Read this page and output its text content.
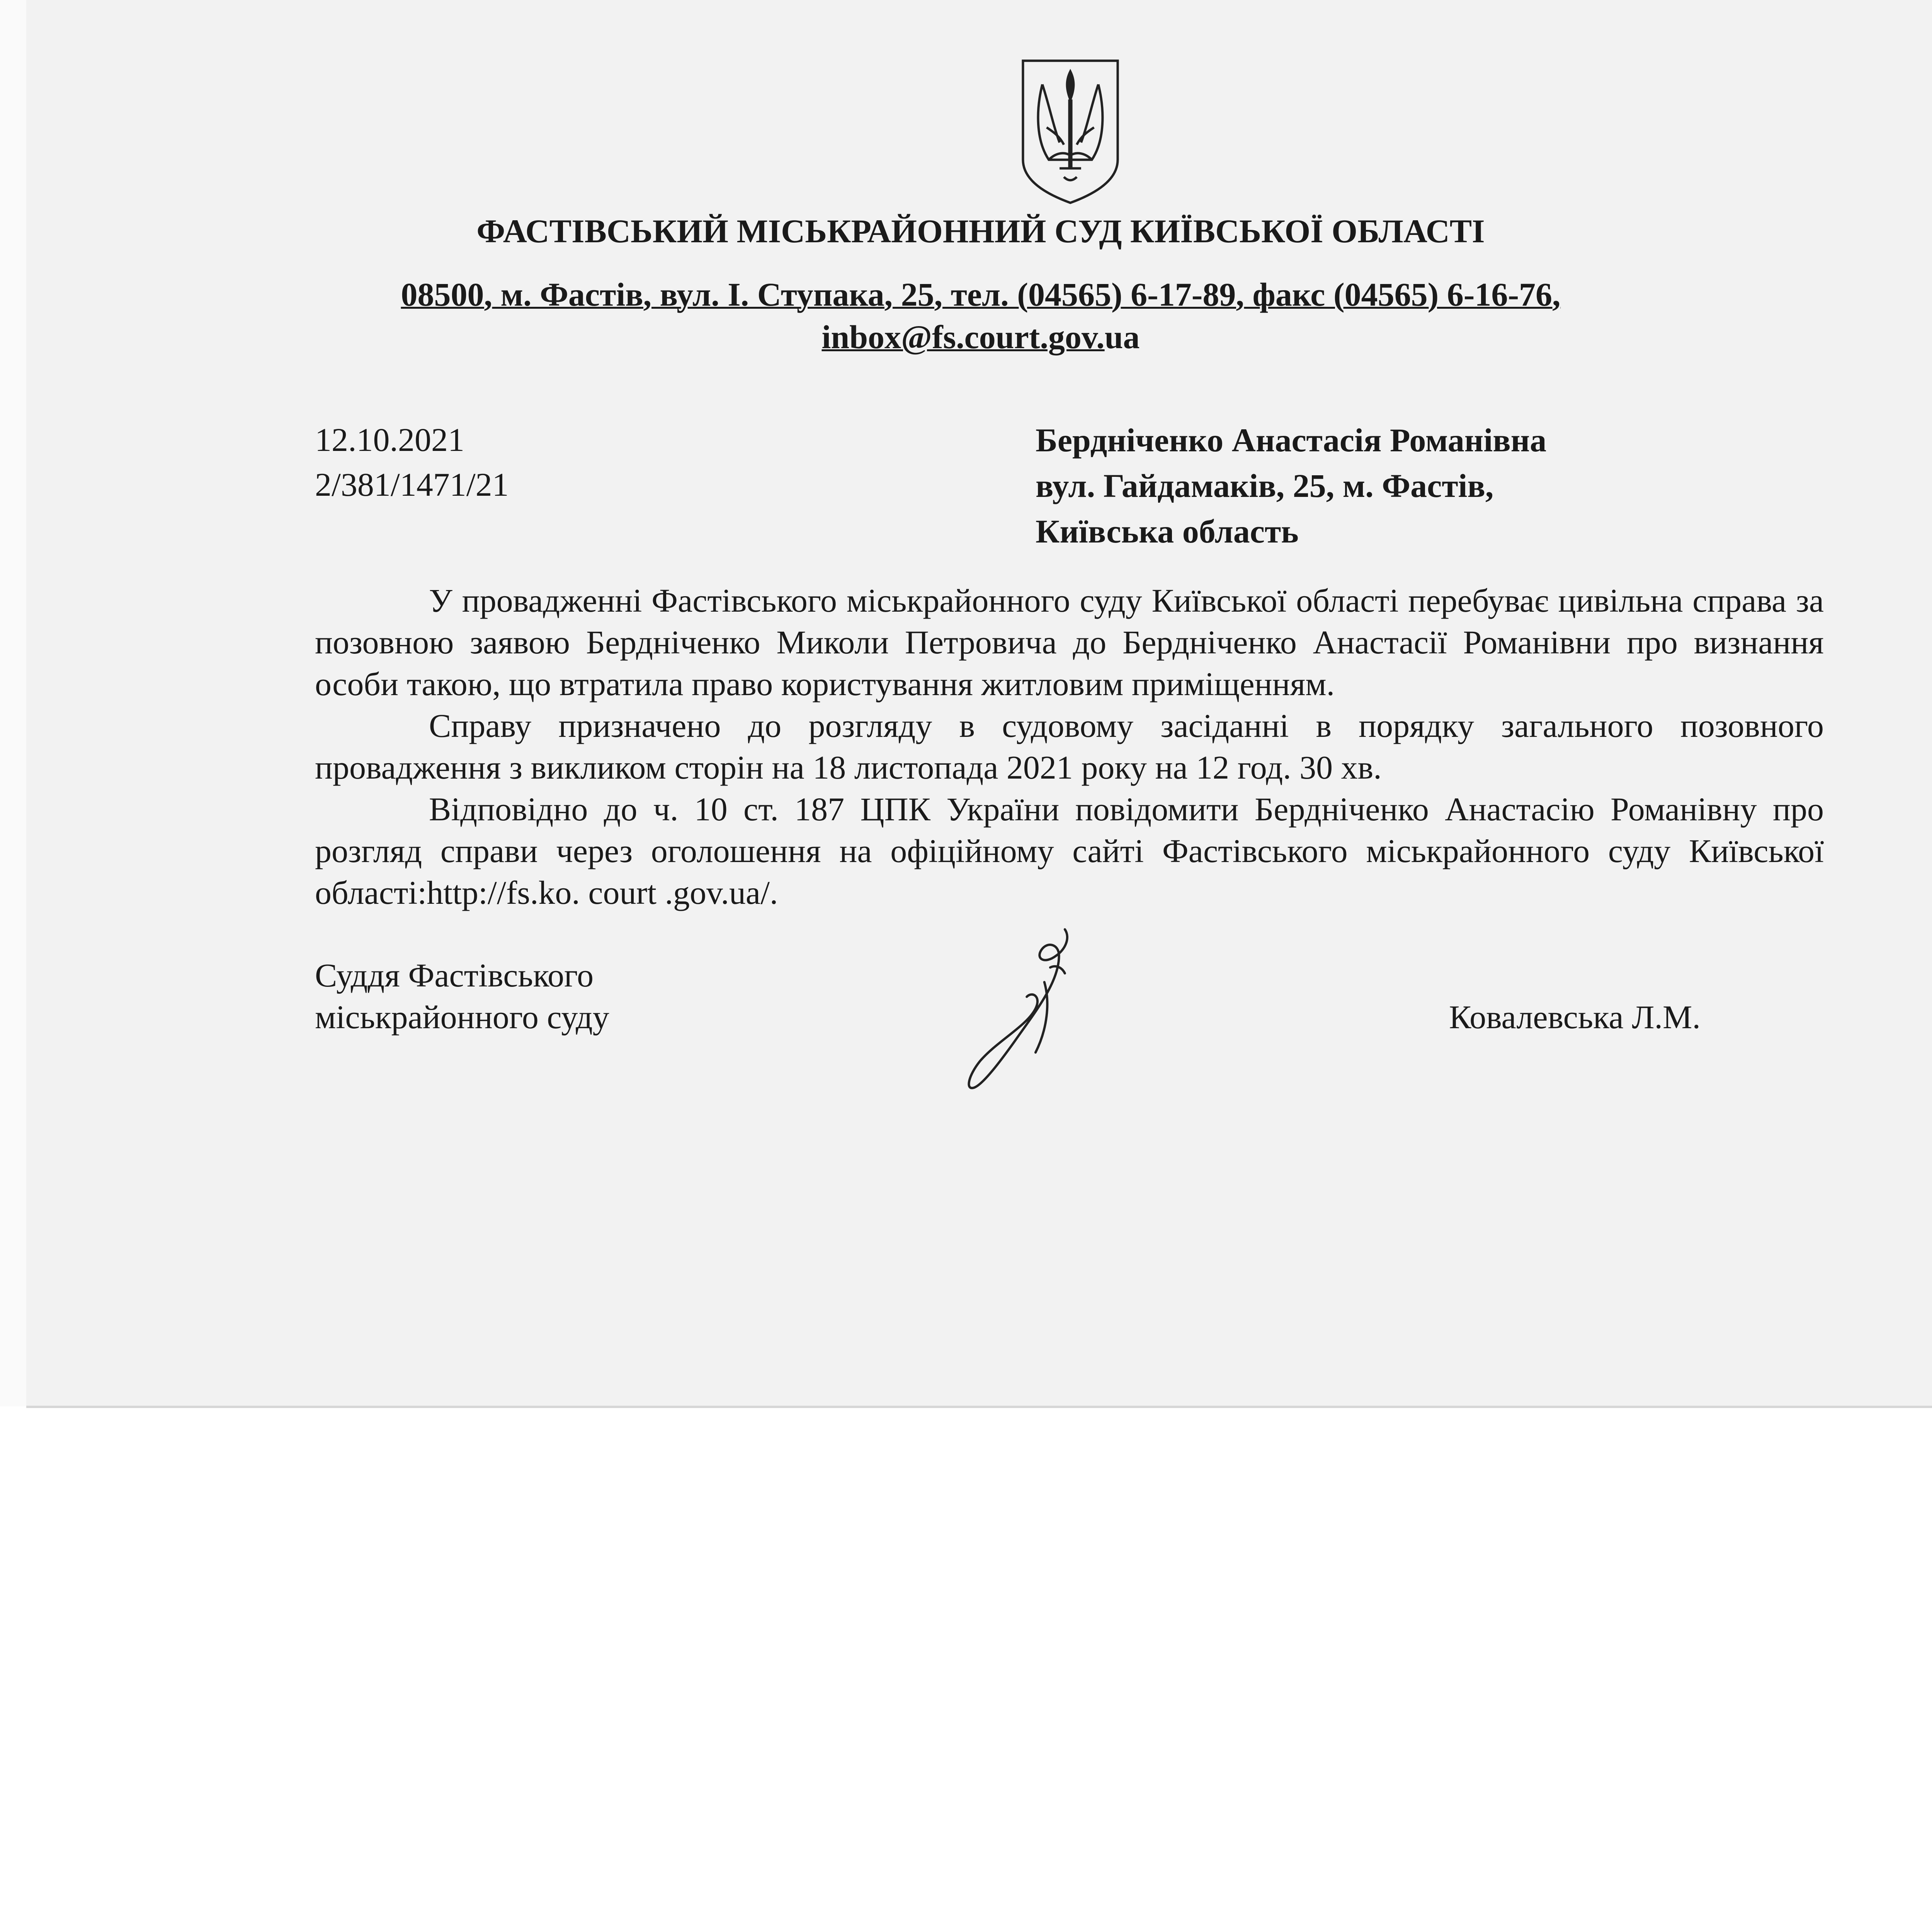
ФАСТІВСЬКИЙ МІСЬКРАЙОННИЙ СУД КИЇВСЬКОЇ ОБЛАСТІ
08500, м. Фастів, вул. І. Ступака, 25, тел. (04565) 6-17-89, факс (04565) 6-16-76,
inbox@fs.court.gov.ua
12.10.2021
2/381/1471/21
Бердніченко Анастасія Романівна
вул. Гайдамаків, 25, м. Фастів,
Київська область

У провадженні Фастівського міськрайонного суду Київської області перебуває цивільна справа за позовною заявою Бердніченко Миколи Петровича до Бердніченко Анастасії Романівни про визнання особи такою, що втратила право користування житловим приміщенням.

Справу призначено до розгляду в судовому засіданні в порядку загального позовного провадження з викликом сторін на 18 листопада 2021 року на 12 год. 30 хв.

Відповідно до ч. 10 ст. 187 ЦПК України повідомити Бердніченко Анастасію Романівну про розгляд справи через оголошення на офіційному сайті Фастівського міськрайонного суду Київської області:http://fs.ko. court .gov.ua/.

Суддя Фастівського
міськрайонного суду	Ковалевська Л.М.
